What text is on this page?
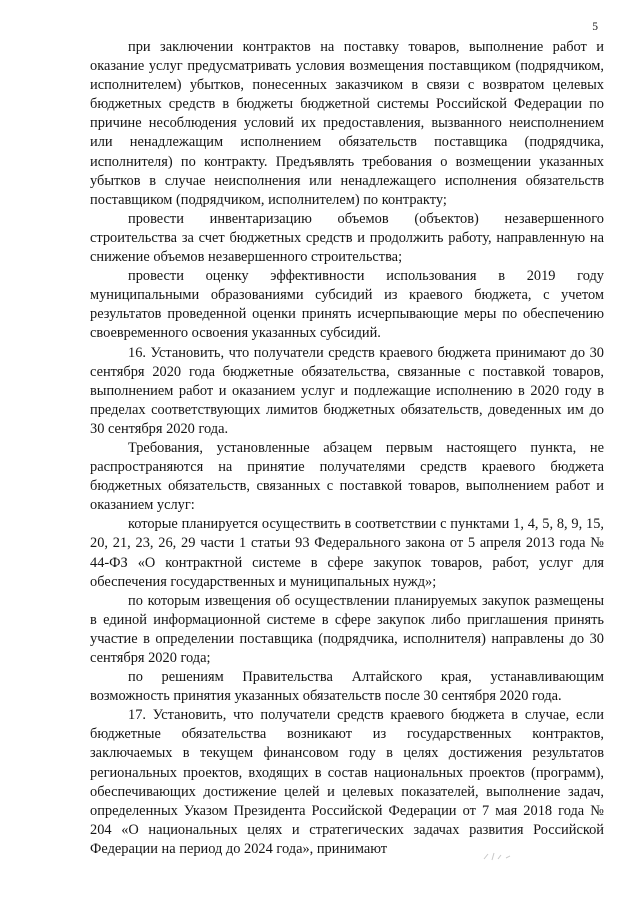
5

при заключении контрактов на поставку товаров, выполнение работ и оказание услуг предусматривать условия возмещения поставщиком (подрядчиком, исполнителем) убытков, понесенных заказчиком в связи с возвратом целевых бюджетных средств в бюджеты бюджетной системы Российской Федерации по причине несоблюдения условий их предоставления, вызванного неисполнением или ненадлежащим исполнением обязательств поставщика (подрядчика, исполнителя) по контракту. Предъявлять требования о возмещении указанных убытков в случае неисполнения или ненадлежащего исполнения обязательств поставщиком (подрядчиком, исполнителем) по контракту;

провести инвентаризацию объемов (объектов) незавершенного строительства за счет бюджетных средств и продолжить работу, направленную на снижение объемов незавершенного строительства;

провести оценку эффективности использования в 2019 году муниципальными образованиями субсидий из краевого бюджета, с учетом результатов проведенной оценки принять исчерпывающие меры по обеспечению своевременного освоения указанных субсидий.

16. Установить, что получатели средств краевого бюджета принимают до 30 сентября 2020 года бюджетные обязательства, связанные с поставкой товаров, выполнением работ и оказанием услуг и подлежащие исполнению в 2020 году в пределах соответствующих лимитов бюджетных обязательств, доведенных им до 30 сентября 2020 года.

Требования, установленные абзацем первым настоящего пункта, не распространяются на принятие получателями средств краевого бюджета бюджетных обязательств, связанных с поставкой товаров, выполнением работ и оказанием услуг:

которые планируется осуществить в соответствии с пунктами 1, 4, 5, 8, 9, 15, 20, 21, 23, 26, 29 части 1 статьи 93 Федерального закона от 5 апреля 2013 года № 44-ФЗ «О контрактной системе в сфере закупок товаров, работ, услуг для обеспечения государственных и муниципальных нужд»;

по которым извещения об осуществлении планируемых закупок размещены в единой информационной системе в сфере закупок либо приглашения принять участие в определении поставщика (подрядчика, исполнителя) направлены до 30 сентября 2020 года;

по решениям Правительства Алтайского края, устанавливающим возможность принятия указанных обязательств после 30 сентября 2020 года.

17. Установить, что получатели средств краевого бюджета в случае, если бюджетные обязательства возникают из государственных контрактов, заключаемых в текущем финансовом году в целях достижения результатов региональных проектов, входящих в состав национальных проектов (программ), обеспечивающих достижение целей и целевых показателей, выполнение задач, определенных Указом Президента Российской Федерации от 7 мая 2018 года № 204 «О национальных целях и стратегических задачах развития Российской Федерации на период до 2024 года», принимают
